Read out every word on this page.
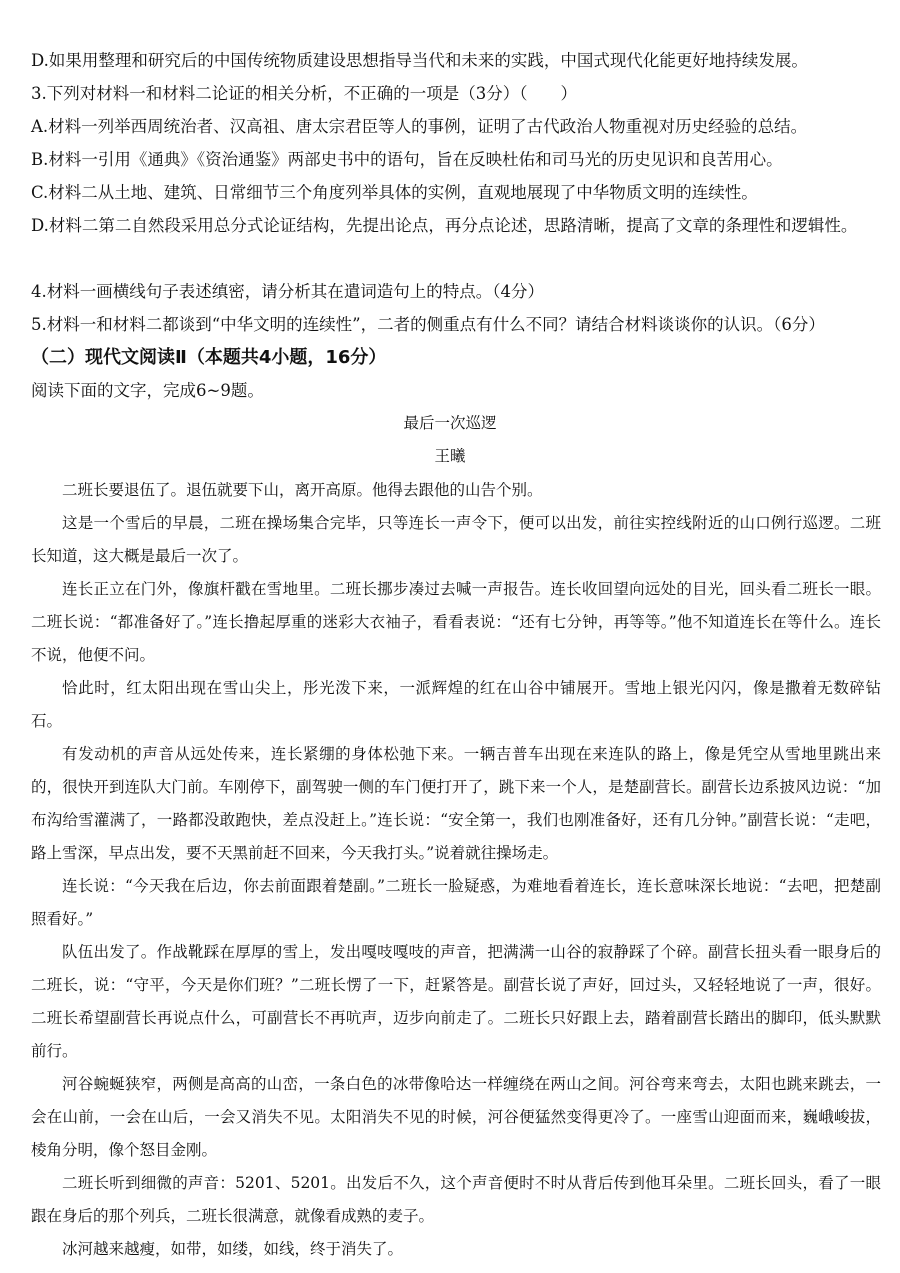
D.如果用整理和研究后的中国传统物质建设思想指导当代和未来的实践，中国式现代化能更好地持续发展。
3.下列对材料一和材料二论证的相关分析，不正确的一项是（3分）（　　）
A.材料一列举西周统治者、汉高祖、唐太宗君臣等人的事例，证明了古代政治人物重视对历史经验的总结。
B.材料一引用《通典》《资治通鉴》两部史书中的语句，旨在反映杜佑和司马光的历史见识和良苦用心。
C.材料二从土地、建筑、日常细节三个角度列举具体的实例，直观地展现了中华物质文明的连续性。
D.材料二第二自然段采用总分式论证结构，先提出论点，再分点论述，思路清晰，提高了文章的条理性和逻辑性。
4.材料一画横线句子表述缜密，请分析其在遣词造句上的特点。（4分）
5.材料一和材料二都谈到“中华文明的连续性”，二者的侧重点有什么不同？请结合材料谈谈你的认识。（6分）
（二）现代文阅读Ⅱ（本题共4小题，16分）
阅读下面的文字，完成6~9题。
最后一次巡逻
王曦

二班长要退伍了。退伍就要下山，离开高原。他得去跟他的山告个别。

这是一个雪后的早晨，二班在操场集合完毕，只等连长一声令下，便可以出发，前往实控线附近的山口例行巡逻。二班长知道，这大概是最后一次了。

连长正立在门外，像旗杆戳在雪地里。二班长挪步凑过去喊一声报告。连长收回望向远处的目光，回头看二班长一眼。二班长说：“都准备好了。”连长撸起厚重的迷彩大衣袖子，看看表说：“还有七分钟，再等等。”他不知道连长在等什么。连长不说，他便不问。

恰此时，红太阳出现在雪山尖上，彤光泼下来，一派辉煌的红在山谷中铺展开。雪地上银光闪闪，像是撒着无数碎钻石。

有发动机的声音从远处传来，连长紧绷的身体松弛下来。一辆吉普车出现在来连队的路上，像是凭空从雪地里跳出来的，很快开到连队大门前。车刚停下，副驾驶一侧的车门便打开了，跳下来一个人，是楚副营长。副营长边系披风边说：“加布沟给雪灌满了，一路都没敢跑快，差点没赶上。”连长说：“安全第一，我们也刚准备好，还有几分钟。”副营长说：“走吧，路上雪深，早点出发，要不天黑前赶不回来，今天我打头。”说着就往操场走。

连长说：“今天我在后边，你去前面跟着楚副。”二班长一脸疑惑，为难地看着连长，连长意味深长地说：“去吧，把楚副照看好。”

队伍出发了。作战靴踩在厚厚的雪上，发出嘎吱嘎吱的声音，把满满一山谷的寂静踩了个碎。副营长扭头看一眼身后的二班长，说：“守平，今天是你们班？”二班长愣了一下，赶紧答是。副营长说了声好，回过头，又轻轻地说了一声，很好。二班长希望副营长再说点什么，可副营长不再吭声，迈步向前走了。二班长只好跟上去，踏着副营长踏出的脚印，低头默默前行。

河谷蜿蜒狭窄，两侧是高高的山峦，一条白色的冰带像哈达一样缠绕在两山之间。河谷弯来弯去，太阳也跳来跳去，一会在山前，一会在山后，一会又消失不见。太阳消失不见的时候，河谷便猛然变得更冷了。一座雪山迎面而来，巍峨峻拔，棱角分明，像个怒目金刚。

二班长听到细微的声音：5201、5201。出发后不久，这个声音便时不时从背后传到他耳朵里。二班长回头，看了一眼跟在身后的那个列兵，二班长很满意，就像看成熟的麦子。

冰河越来越瘦，如带，如缕，如线，终于消失了。
